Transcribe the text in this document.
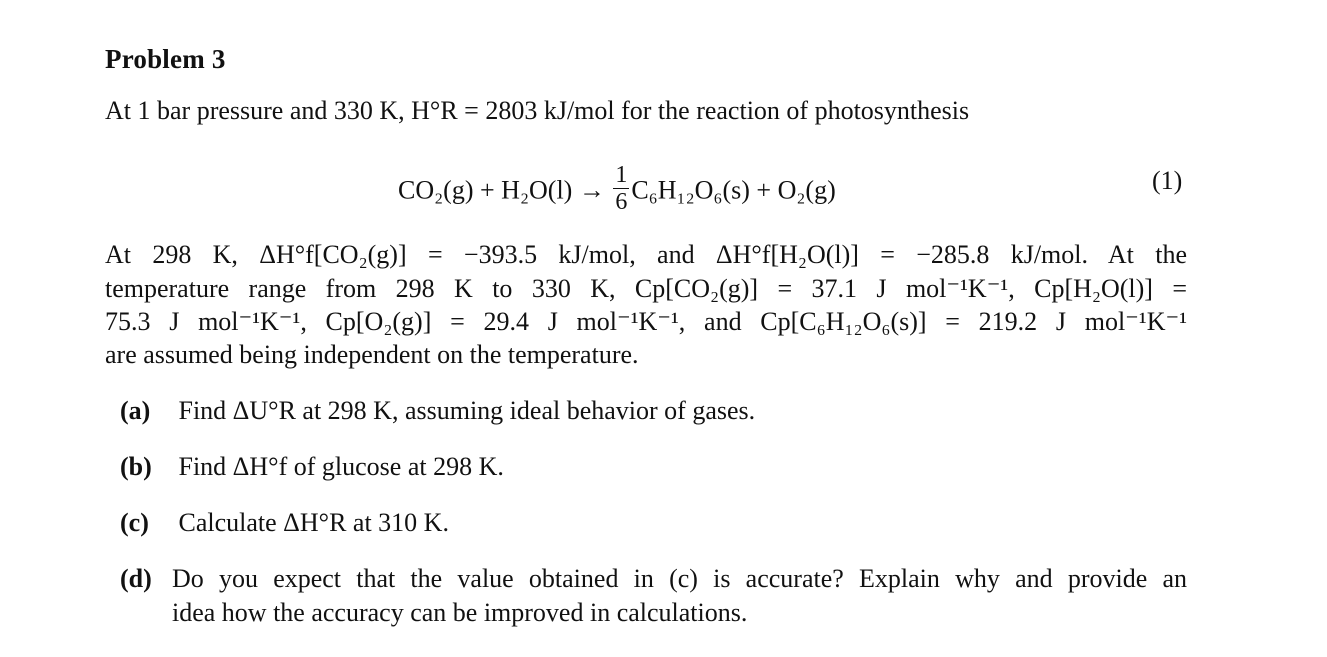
Problem 3
At 1 bar pressure and 330 K, H°R = 2803 kJ/mol for the reaction of photosynthesis
$CO_2(g) + H_2O(l) \to \frac{1}{6} C_6H_{12}O_6(s) + O_2(g)$	(1)
At 298 K, ΔH°f[CO₂(g)] = −393.5 kJ/mol, and ΔH°f[H₂O(l)] = −285.8 kJ/mol. At the
temperature range from 298 K to 330 K, Cp[CO₂(g)] = 37.1 J mol⁻¹K⁻¹, Cp[H₂O(l)] =
75.3 J mol⁻¹K⁻¹, Cp[O₂(g)] = 29.4 J mol⁻¹K⁻¹, and Cp[C₆H₁₂O₆(s)] = 219.2 J mol⁻¹K⁻¹
are assumed being independent on the temperature.
(a) Find ΔU°R at 298 K, assuming ideal behavior of gases.
(b) Find ΔH°f of glucose at 298 K.
(c) Calculate ΔH°R at 310 K.
(d) Do you expect that the value obtained in (c) is accurate? Explain why and provide an
idea how the accuracy can be improved in calculations.
